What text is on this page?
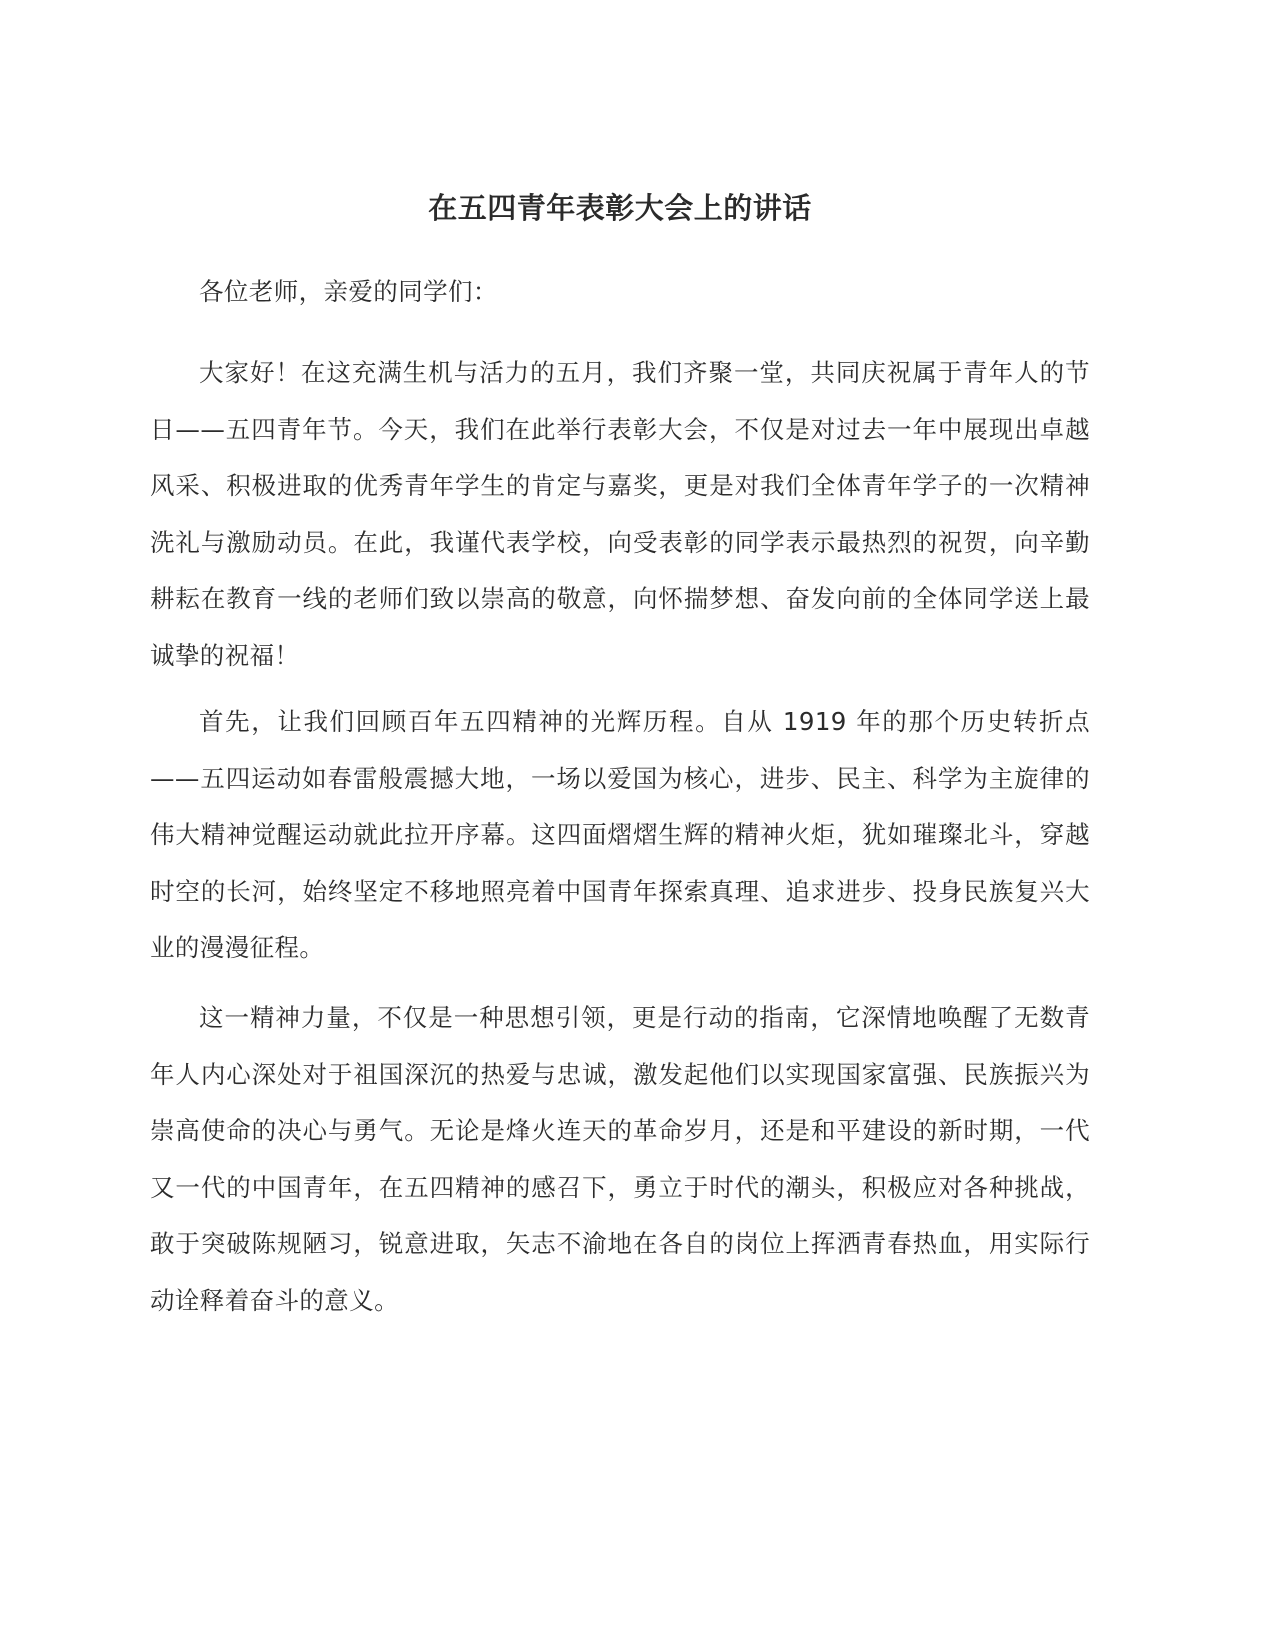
在五四青年表彰大会上的讲话

各位老师，亲爱的同学们：

大家好！在这充满生机与活力的五月，我们齐聚一堂，共同庆祝属于青年人的节日——五四青年节。今天，我们在此举行表彰大会，不仅是对过去一年中展现出卓越风采、积极进取的优秀青年学生的肯定与嘉奖，更是对我们全体青年学子的一次精神洗礼与激励动员。在此，我谨代表学校，向受表彰的同学表示最热烈的祝贺，向辛勤耕耘在教育一线的老师们致以崇高的敬意，向怀揣梦想、奋发向前的全体同学送上最诚挚的祝福！

首先，让我们回顾百年五四精神的光辉历程。自从 1919 年的那个历史转折点——五四运动如春雷般震撼大地，一场以爱国为核心，进步、民主、科学为主旋律的伟大精神觉醒运动就此拉开序幕。这四面熠熠生辉的精神火炬，犹如璀璨北斗，穿越时空的长河，始终坚定不移地照亮着中国青年探索真理、追求进步、投身民族复兴大业的漫漫征程。

这一精神力量，不仅是一种思想引领，更是行动的指南，它深情地唤醒了无数青年人内心深处对于祖国深沉的热爱与忠诚，激发起他们以实现国家富强、民族振兴为崇高使命的决心与勇气。无论是烽火连天的革命岁月，还是和平建设的新时期，一代又一代的中国青年，在五四精神的感召下，勇立于时代的潮头，积极应对各种挑战，敢于突破陈规陋习，锐意进取，矢志不渝地在各自的岗位上挥洒青春热血，用实际行动诠释着奋斗的意义。
